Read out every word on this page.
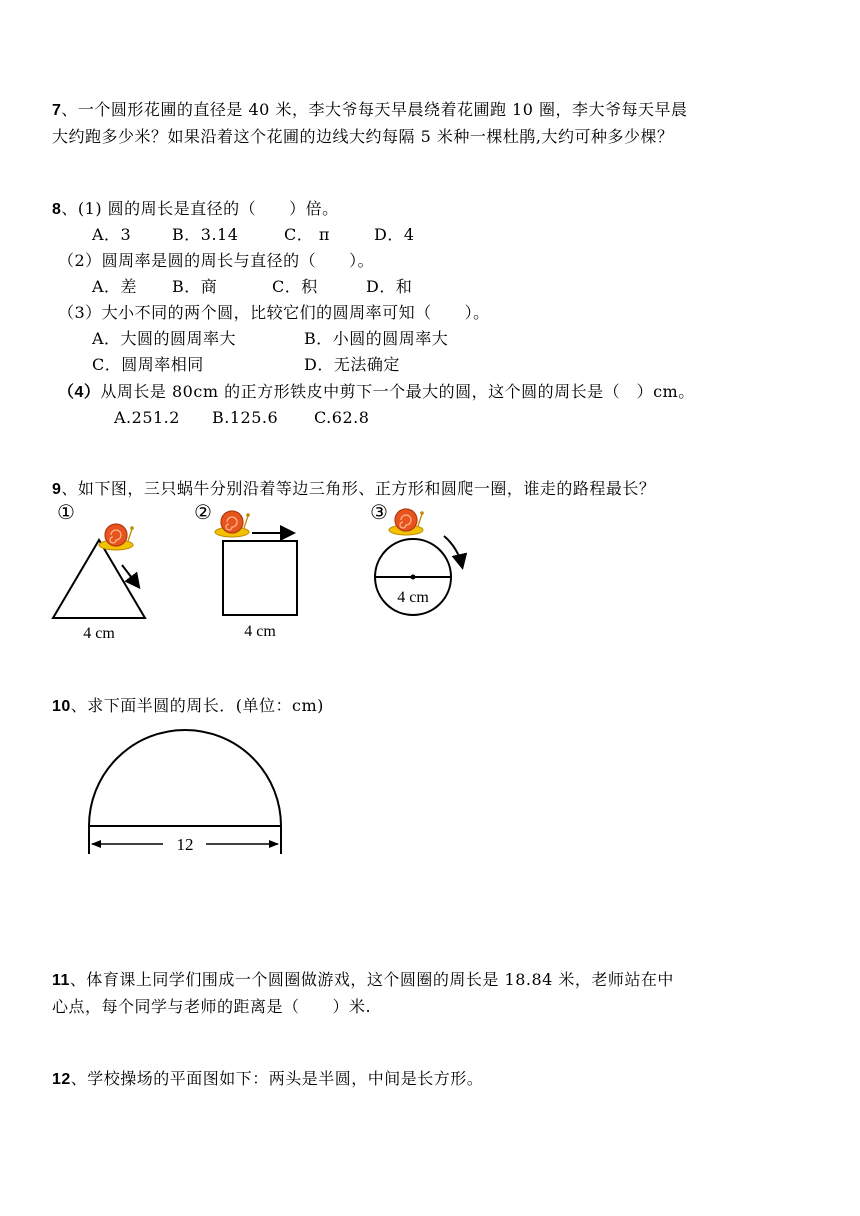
7、一个圆形花圃的直径是 40 米，李大爷每天早晨绕着花圃跑 10 圈，李大爷每天早晨
大约跑多少米？如果沿着这个花圃的边线大约每隔 5 米种一棵杜鹃,大约可种多少棵？
8、(1) 圆的周长是直径的（　　）倍。
A．3	B．3.14	C． π	D．4
（2）圆周率是圆的周长与直径的（　　）。
A．差 B．商	C．积	D．和
（3）大小不同的两个圆，比较它们的圆周率可知（　　）。
A．大圆的圆周率大	B．小圆的圆周率大
C．圆周率相同	D．无法确定
（4）从周长是 80cm 的正方形铁皮中剪下一个最大的圆，这个圆的周长是（　）cm。
A.251.2 B.125.6 C.62.8
9、如下图，三只蜗牛分别沿着等边三角形、正方形和圆爬一圈，谁走的路程最长？
①
4 cm
②
4 cm
③
4 cm
10、求下面半圆的周长．(单位：cm)
12
11、体育课上同学们围成一个圆圈做游戏，这个圆圈的周长是 18.84 米，老师站在中
心点，每个同学与老师的距离是（　　）米.
12、学校操场的平面图如下：两头是半圆，中间是长方形。
